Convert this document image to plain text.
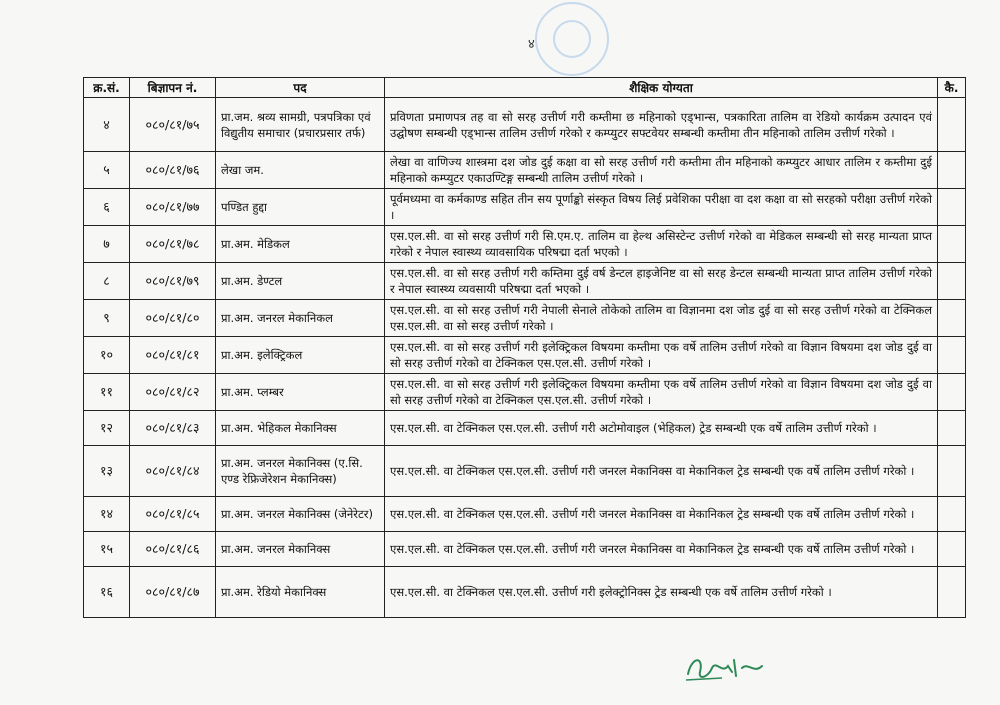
४
क्र.सं.	बिज्ञापन नं.	पद	शैक्षिक योग्यता	कै.
४	०८०/८१/७५	प्रा.जम. श्रव्य सामग्री, पत्रपत्रिका एवं विद्युतीय समाचार (प्रचारप्रसार तर्फ)	प्रविणता प्रमाणपत्र तह वा सो सरह उत्तीर्ण गरी कम्तीमा छ महिनाको एड्भान्स, पत्रकारिता तालिम वा रेडियो कार्यक्रम उत्पादन एवं उद्घोषण सम्बन्धी एड्भान्स तालिम उत्तीर्ण गरेको र कम्प्युटर सफ्टवेयर सम्बन्धी कम्तीमा तीन महिनाको तालिम उत्तीर्ण गरेको ।	
५	०८०/८१/७६	लेखा जम.	लेखा वा वाणिज्य शास्त्रमा दश जोड दुई कक्षा वा सो सरह उत्तीर्ण गरी कम्तीमा तीन महिनाको कम्प्युटर आधार तालिम र कम्तीमा दुई महिनाको कम्प्युटर एकाउण्टिङ्ग सम्बन्धी तालिम उत्तीर्ण गरेको ।	
६	०८०/८१/७७	पण्डित हुद्दा	पूर्वमध्यमा वा कर्मकाण्ड सहित तीन सय पूर्णाङ्को संस्कृत विषय लिई प्रवेशिका परीक्षा वा दश कक्षा वा सो सरहको परीक्षा उत्तीर्ण गरेको ।	
७	०८०/८१/७८	प्रा.अम. मेडिकल	एस.एल.सी. वा सो सरह उत्तीर्ण गरी सि.एम.ए. तालिम वा हेल्थ असिस्टेन्ट उत्तीर्ण गरेको वा मेडिकल सम्बन्धी सो सरह मान्यता प्राप्त गरेको र नेपाल स्वास्थ्य व्यावसायिक परिषद्मा दर्ता भएको ।	
८	०८०/८१/७९	प्रा.अम. डेण्टल	एस.एल.सी. वा सो सरह उत्तीर्ण गरी कम्तिमा दुई वर्ष डेन्टल हाइजेनिष्ट वा सो सरह डेन्टल सम्बन्धी मान्यता प्राप्त तालिम उत्तीर्ण गरेको र नेपाल स्वास्थ्य व्यवसायी परिषद्मा दर्ता भएको ।	
९	०८०/८१/८०	प्रा.अम. जनरल मेकानिकल	एस.एल.सी. वा सो सरह उत्तीर्ण गरी नेपाली सेनाले तोकेको तालिम वा विज्ञानमा दश जोड दुई वा सो सरह उत्तीर्ण गरेको वा टेक्निकल एस.एल.सी. वा सो सरह उत्तीर्ण गरेको ।	
१०	०८०/८१/८१	प्रा.अम. इलेक्ट्रिकल	एस.एल.सी. वा सो सरह उत्तीर्ण गरी इलेक्ट्रिकल विषयमा कम्तीमा एक वर्षे तालिम उत्तीर्ण गरेको वा विज्ञान विषयमा दश जोड दुई वा सो सरह उत्तीर्ण गरेको वा टेक्निकल एस.एल.सी. उत्तीर्ण गरेको ।	
११	०८०/८१/८२	प्रा.अम. प्लम्बर	एस.एल.सी. वा सो सरह उत्तीर्ण गरी इलेक्ट्रिकल विषयमा कम्तीमा एक वर्षे तालिम उत्तीर्ण गरेको वा विज्ञान विषयमा दश जोड दुई वा सो सरह उत्तीर्ण गरेको वा टेक्निकल एस.एल.सी. उत्तीर्ण गरेको ।	
१२	०८०/८१/८३	प्रा.अम. भेहिकल मेकानिक्स	एस.एल.सी. वा टेक्निकल एस.एल.सी. उत्तीर्ण गरी अटोमोवाइल (भेहिकल) ट्रेड सम्बन्धी एक वर्षे तालिम उत्तीर्ण गरेको ।	
१३	०८०/८१/८४	प्रा.अम. जनरल मेकानिक्स (ए.सि. एण्ड रेफ्रिजेरेशन मेकानिक्स)	एस.एल.सी. वा टेक्निकल एस.एल.सी. उत्तीर्ण गरी जनरल मेकानिक्स वा मेकानिकल ट्रेड सम्बन्धी एक वर्षे तालिम उत्तीर्ण गरेको ।	
१४	०८०/८१/८५	प्रा.अम. जनरल मेकानिक्स (जेनेरेटर)	एस.एल.सी. वा टेक्निकल एस.एल.सी. उत्तीर्ण गरी जनरल मेकानिक्स वा मेकानिकल ट्रेड सम्बन्धी एक वर्षे तालिम उत्तीर्ण गरेको ।	
१५	०८०/८१/८६	प्रा.अम. जनरल मेकानिक्स	एस.एल.सी. वा टेक्निकल एस.एल.सी. उत्तीर्ण गरी जनरल मेकानिक्स वा मेकानिकल ट्रेड सम्बन्धी एक वर्षे तालिम उत्तीर्ण गरेको ।	
१६	०८०/८१/८७	प्रा.अम. रेडियो मेकानिक्स	एस.एल.सी. वा टेक्निकल एस.एल.सी. उत्तीर्ण गरी इलेक्ट्रोनिक्स ट्रेड सम्बन्धी एक वर्षे तालिम उत्तीर्ण गरेको ।	
